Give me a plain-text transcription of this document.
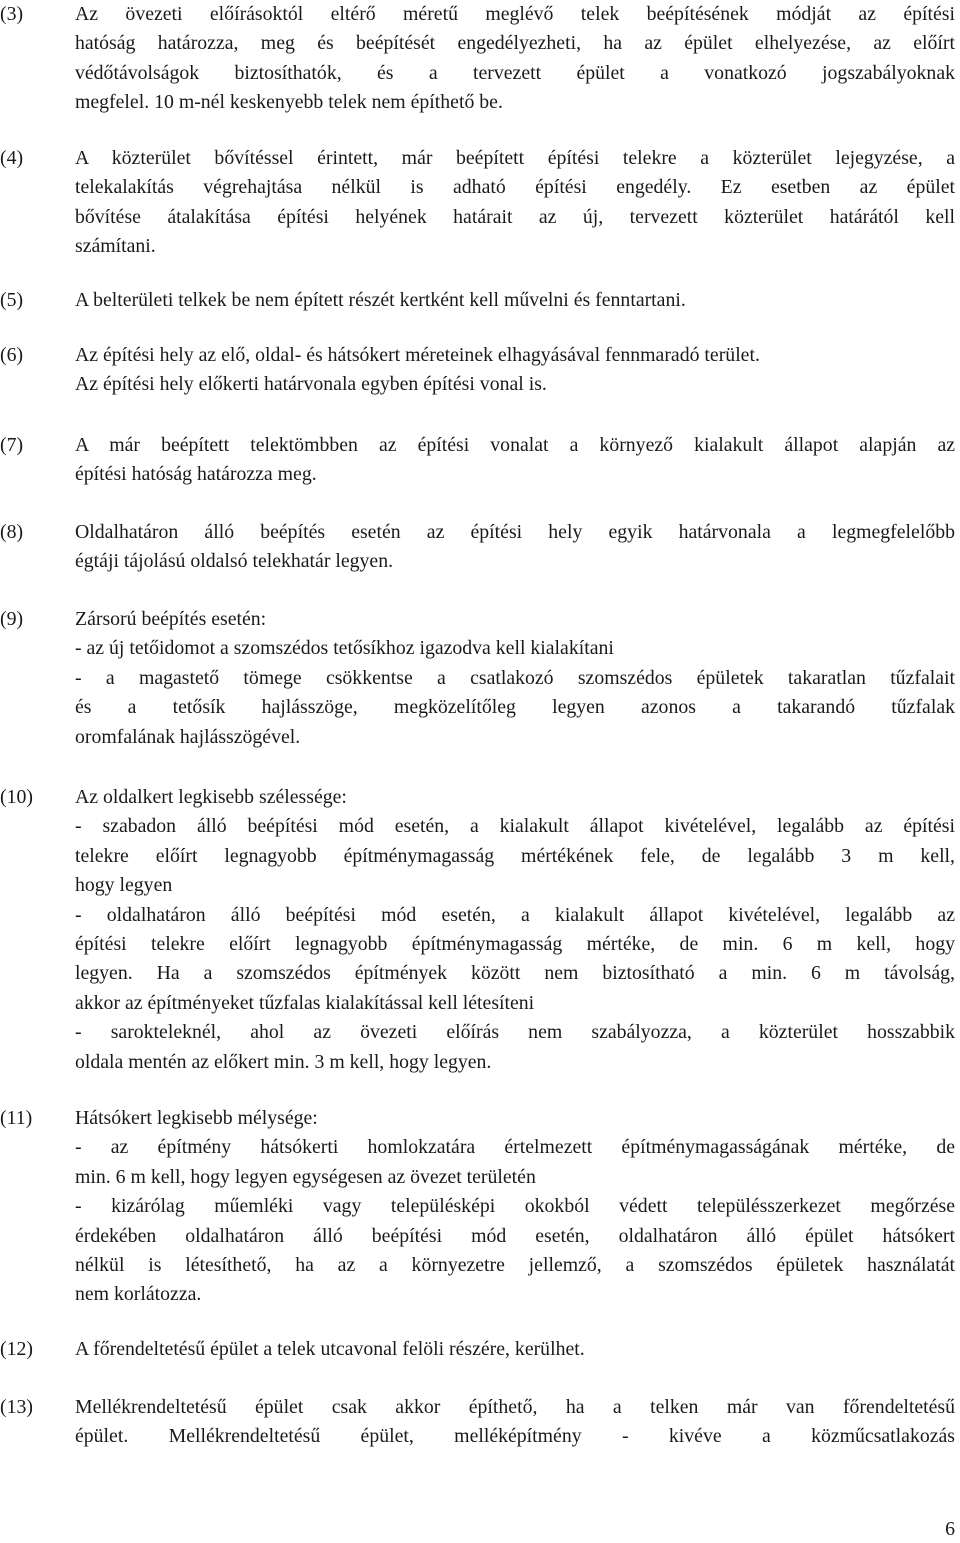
(3)	Az övezeti előírásoktól eltérő méretű meglévő telek beépítésének módját az építési
hatóság határozza, meg és beépítését engedélyezheti, ha az épület elhelyezése, az előírt
védőtávolságok biztosíthatók, és a tervezett épület a vonatkozó jogszabályoknak
megfelel. 10 m-nél keskenyebb telek nem építhető be.
(4)	A közterület bővítéssel érintett, már beépített építési telekre a közterület lejegyzése, a
telekalakítás végrehajtása nélkül is adható építési engedély. Ez esetben az épület
bővítése átalakítása építési helyének határait az új, tervezett közterület határától kell
számítani.
(5)	A belterületi telkek be nem épített részét kertként kell művelni és fenntartani.
(6)	Az építési hely az elő, oldal- és hátsókert méreteinek elhagyásával fennmaradó terület.
Az építési hely előkerti határvonala egyben építési vonal is.
(7)	A már beépített telektömbben az építési vonalat a környező kialakult állapot alapján az
építési hatóság határozza meg.
(8)	Oldalhatáron álló beépítés esetén az építési hely egyik határvonala a legmegfelelőbb
égtáji tájolású oldalsó telekhatár legyen.
(9)	Zársorú beépítés esetén:
- az új tetőidomot a szomszédos tetősíkhoz igazodva kell kialakítani
- a magastető tömege csökkentse a csatlakozó szomszédos épületek takaratlan tűzfalait
és a tetősík hajlásszöge, megközelítőleg legyen azonos a takarandó tűzfalak
oromfalának hajlásszögével.
(10) Az oldalkert legkisebb szélessége:
- szabadon álló beépítési mód esetén, a kialakult állapot kivételével, legalább az építési
telekre előírt legnagyobb építménymagasság mértékének fele, de legalább 3 m kell,
hogy legyen
- oldalhatáron álló beépítési mód esetén, a kialakult állapot kivételével, legalább az
építési telekre előírt legnagyobb építménymagasság mértéke, de min. 6 m kell, hogy
legyen. Ha a szomszédos építmények között nem biztosítható a min. 6 m távolság,
akkor az építményeket tűzfalas kialakítással kell létesíteni
- sarokteleknél, ahol az övezeti előírás nem szabályozza, a közterület hosszabbik
oldala mentén az előkert min. 3 m kell, hogy legyen.
(11) Hátsókert legkisebb mélysége:
- az építmény hátsókerti homlokzatára értelmezett építménymagasságának mértéke, de
min. 6 m kell, hogy legyen egységesen az övezet területén
- kizárólag műemléki vagy településképi okokból védett településszerkezet megőrzése
érdekében oldalhatáron álló beépítési mód esetén, oldalhatáron álló épület hátsókert
nélkül is létesíthető, ha az a környezetre jellemző, a szomszédos épületek használatát
nem korlátozza.
(12) A főrendeltetésű épület a telek utcavonal felöli részére, kerülhet.
(13) Mellékrendeltetésű épület csak akkor építhető, ha a telken már van főrendeltetésű
épület. Mellékrendeltetésű épület, melléképítmény - kivéve a közműcsatlakozás
6
